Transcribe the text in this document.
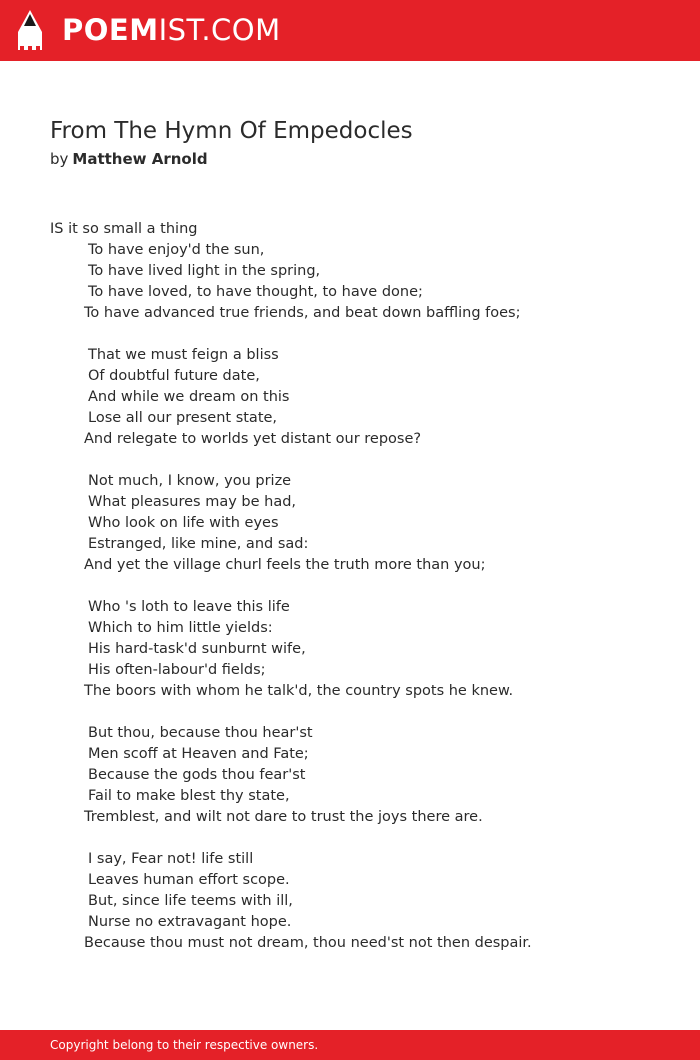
POEMIST.COM
From The Hymn Of Empedocles
by Matthew Arnold
IS it so small a thing
To have enjoy'd the sun,
To have lived light in the spring,
To have loved, to have thought, to have done;
To have advanced true friends, and beat down baffling foes;
That we must feign a bliss
Of doubtful future date,
And while we dream on this
Lose all our present state,
And relegate to worlds yet distant our repose?
Not much, I know, you prize
What pleasures may be had,
Who look on life with eyes
Estranged, like mine, and sad:
And yet the village churl feels the truth more than you;
Who 's loth to leave this life
Which to him little yields:
His hard-task'd sunburnt wife,
His often-labour'd fields;
The boors with whom he talk'd, the country spots he knew.
But thou, because thou hear'st
Men scoff at Heaven and Fate;
Because the gods thou fear'st
Fail to make blest thy state,
Tremblest, and wilt not dare to trust the joys there are.
I say, Fear not! life still
Leaves human effort scope.
But, since life teems with ill,
Nurse no extravagant hope.
Because thou must not dream, thou need'st not then despair.
Copyright belong to their respective owners.
